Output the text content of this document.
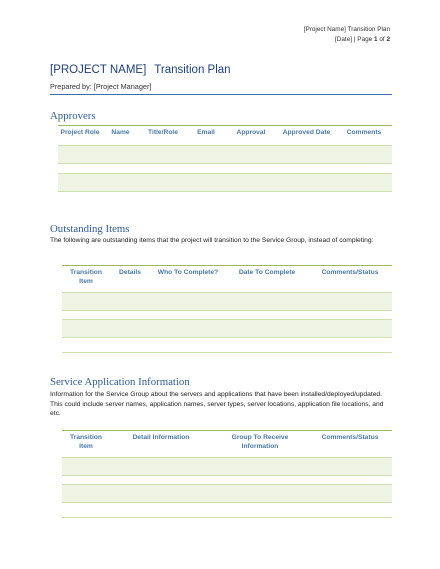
[Project Name] Transition Plan
[Date] | Page 1 of 2
[PROJECT NAME] Transition Plan
Prepared by: [Project Manager]
Approvers
Project Role	Name	Title/Role	Email	Approval	Approved Date	Comments

Outstanding Items
The following are outstanding items that the project will transition to the Service Group, instead of completing:
Transition Item	Details	Who To Complete?	Date To Complete	Comments/Status

Service Application Information
Information for the Service Group about the servers and applications that have been installed/deployed/updated. This could include server names, application names, server types, server locations, application file locations, and etc.
Transition Item	Detail Information	Group To Receive Information	Comments/Status
